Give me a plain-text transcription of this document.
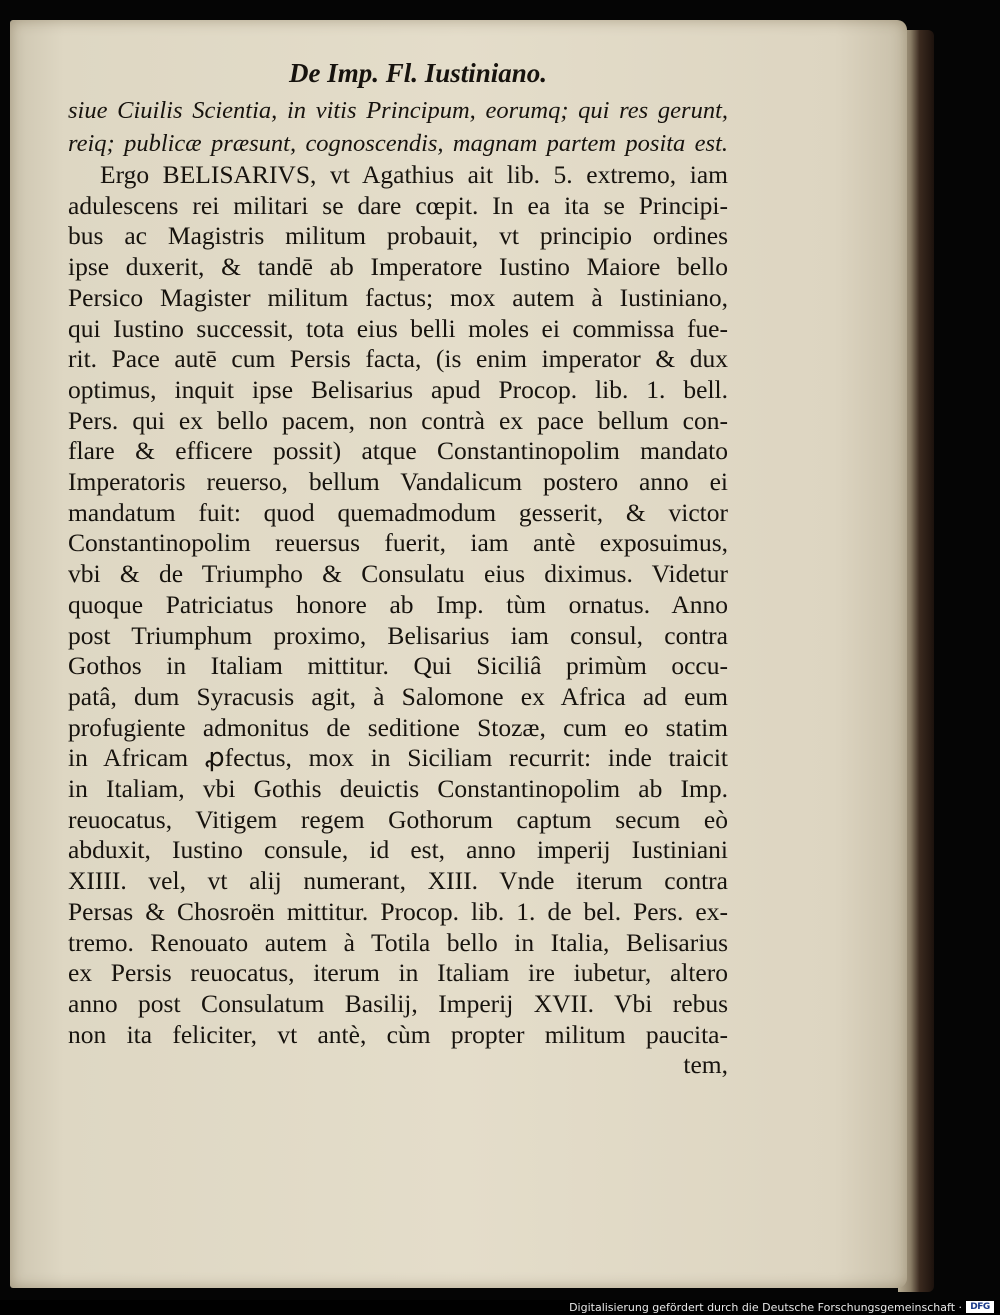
De Imp. Fl. Iustiniano.
siue Ciuilis Scientia, in vitis Principum, eorumq; qui res gerunt,
reiq; publicæ præsunt, cognoscendis, magnam partem posita est.
Ergo BELISARIVS, vt Agathius ait lib. 5. extremo, iam
adulescens rei militari se dare cœpit. In ea ita se Principi-
bus ac Magistris militum probauit, vt principio ordines
ipse duxerit, & tandē ab Imperatore Iustino Maiore bello
Persico Magister militum factus; mox autem à Iustiniano,
qui Iustino successit, tota eius belli moles ei commissa fue-
rit. Pace autē cum Persis facta, (is enim imperator & dux
optimus, inquit ipse Belisarius apud Procop. lib. 1. bell.
Pers. qui ex bello pacem, non contrà ex pace bellum con-
flare & efficere possit) atque Constantinopolim mandato
Imperatoris reuerso, bellum Vandalicum postero anno ei
mandatum fuit: quod quemadmodum gesserit, & victor
Constantinopolim reuersus fuerit, iam antè exposuimus,
vbi & de Triumpho & Consulatu eius diximus. Videtur
quoque Patriciatus honore ab Imp. tùm ornatus. Anno
post Triumphum proximo, Belisarius iam consul, contra
Gothos in Italiam mittitur. Qui Siciliâ primùm occu-
patâ, dum Syracusis agit, à Salomone ex Africa ad eum
profugiente admonitus de seditione Stozæ, cum eo statim
in Africam ꝓfectus, mox in Siciliam recurrit: inde traicit
in Italiam, vbi Gothis deuictis Constantinopolim ab Imp.
reuocatus, Vitigem regem Gothorum captum secum eò
abduxit, Iustino consule, id est, anno imperij Iustiniani
XIIII. vel, vt alij numerant, XIII. Vnde iterum contra
Persas & Chosroën mittitur. Procop. lib. 1. de bel. Pers. ex-
tremo. Renouato autem à Totila bello in Italia, Belisarius
ex Persis reuocatus, iterum in Italiam ire iubetur, altero
anno post Consulatum Basilij, Imperij XVII. Vbi rebus
non ita feliciter, vt antè, cùm propter militum paucita-
tem,
Digitalisierung gefördert durch die Deutsche Forschungsgemeinschaft · DFG
